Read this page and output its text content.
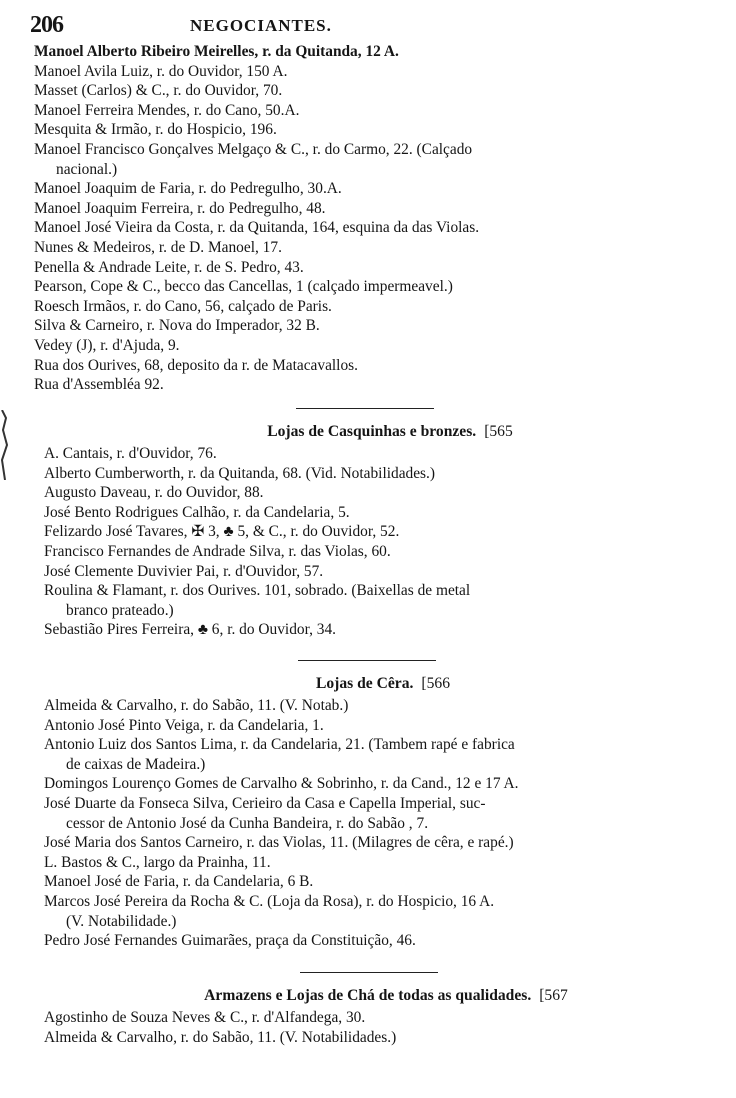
206	NEGOCIANTES.
Manoel Alberto Ribeiro Meirelles, r. da Quitanda, 12 A.
Manoel Avila Luiz, r. do Ouvidor, 150 A.
Masset (Carlos) & C., r. do Ouvidor, 70.
Manoel Ferreira Mendes, r. do Cano, 50.A.
Mesquita & Irmão, r. do Hospicio, 196.
Manoel Francisco Gonçalves Melgaço & C., r. do Carmo, 22. (Calçado
nacional.)
Manoel Joaquim de Faria, r. do Pedregulho, 30.A.
Manoel Joaquim Ferreira, r. do Pedregulho, 48.
Manoel José Vieira da Costa, r. da Quitanda, 164, esquina da das Violas.
Nunes & Medeiros, r. de D. Manoel, 17.
Penella & Andrade Leite, r. de S. Pedro, 43.
Pearson, Cope & C., becco das Cancellas, 1 (calçado impermeavel.)
Roesch Irmãos, r. do Cano, 56, calçado de Paris.
Silva & Carneiro, r. Nova do Imperador, 32 B.
Vedey (J), r. d'Ajuda, 9.
Rua dos Ourives, 68, deposito da r. de Matacavallos.
Rua d'Assembléa 92.
Lojas de Casquinhas e bronzes. [565
A. Cantais, r. d'Ouvidor, 76.
Alberto Cumberworth, r. da Quitanda, 68. (Vid. Notabilidades.)
Augusto Daveau, r. do Ouvidor, 88.
José Bento Rodrigues Calhão, r. da Candelaria, 5.
Felizardo José Tavares, ✠ 3, ♣ 5, & C., r. do Ouvidor, 52.
Francisco Fernandes de Andrade Silva, r. das Violas, 60.
José Clemente Duvivier Pai, r. d'Ouvidor, 57.
Roulina & Flamant, r. dos Ourives. 101, sobrado. (Baixellas de metal
branco prateado.)
Sebastião Pires Ferreira, ♣ 6, r. do Ouvidor, 34.
Lojas de Cêra. [566
Almeida & Carvalho, r. do Sabão, 11. (V. Notab.)
Antonio José Pinto Veiga, r. da Candelaria, 1.
Antonio Luiz dos Santos Lima, r. da Candelaria, 21. (Tambem rapé e fabrica
de caixas de Madeira.)
Domingos Lourenço Gomes de Carvalho & Sobrinho, r. da Cand., 12 e 17 A.
José Duarte da Fonseca Silva, Cerieiro da Casa e Capella Imperial, suc-
cessor de Antonio José da Cunha Bandeira, r. do Sabão , 7.
José Maria dos Santos Carneiro, r. das Violas, 11. (Milagres de cêra, e rapé.)
L. Bastos & C., largo da Prainha, 11.
Manoel José de Faria, r. da Candelaria, 6 B.
Marcos José Pereira da Rocha & C. (Loja da Rosa), r. do Hospicio, 16 A.
(V. Notabilidade.)
Pedro José Fernandes Guimarães, praça da Constituição, 46.
Armazens e Lojas de Chá de todas as qualidades. [567
Agostinho de Souza Neves & C., r. d'Alfandega, 30.
Almeida & Carvalho, r. do Sabão, 11. (V. Notabilidades.)
